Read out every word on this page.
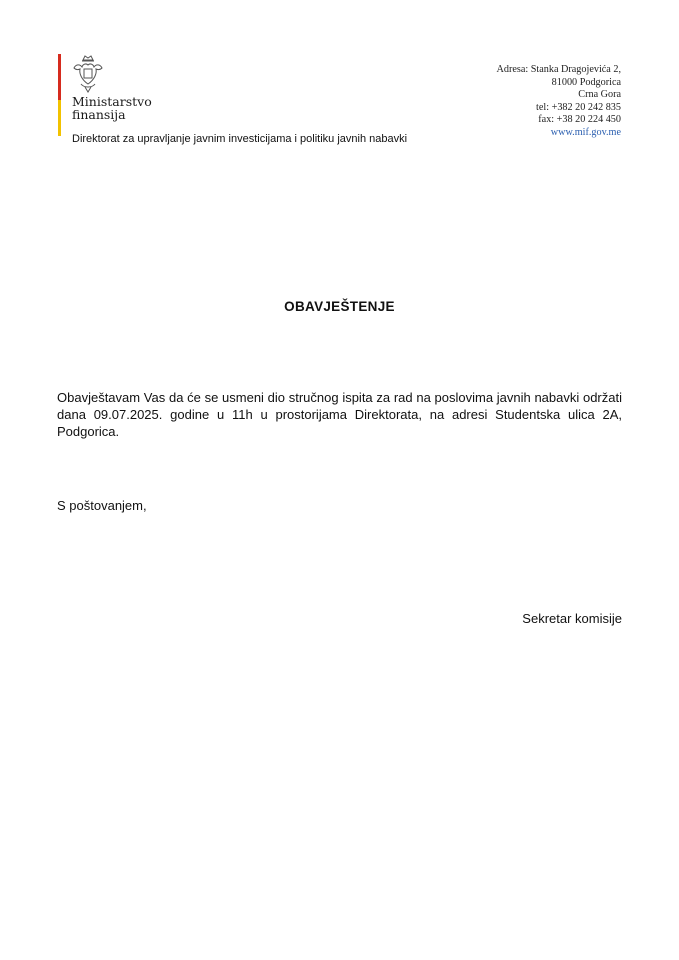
Ministarstvo
finansija
Direktorat za upravljanje javnim investicijama i politiku javnih nabavki
Adresa: Stanka Dragojevića 2,
81000 Podgorica
Crna Gora
tel: +382 20 242 835
fax: +38 20 224 450
www.mif.gov.me
OBAVJEŠTENJE
Obavještavam Vas da će se usmeni dio stručnog ispita za rad na poslovima javnih nabavki održati dana 09.07.2025. godine u 11h u prostorijama Direktorata, na adresi Studentska ulica 2A, Podgorica.
S poštovanjem,
Sekretar komisije
